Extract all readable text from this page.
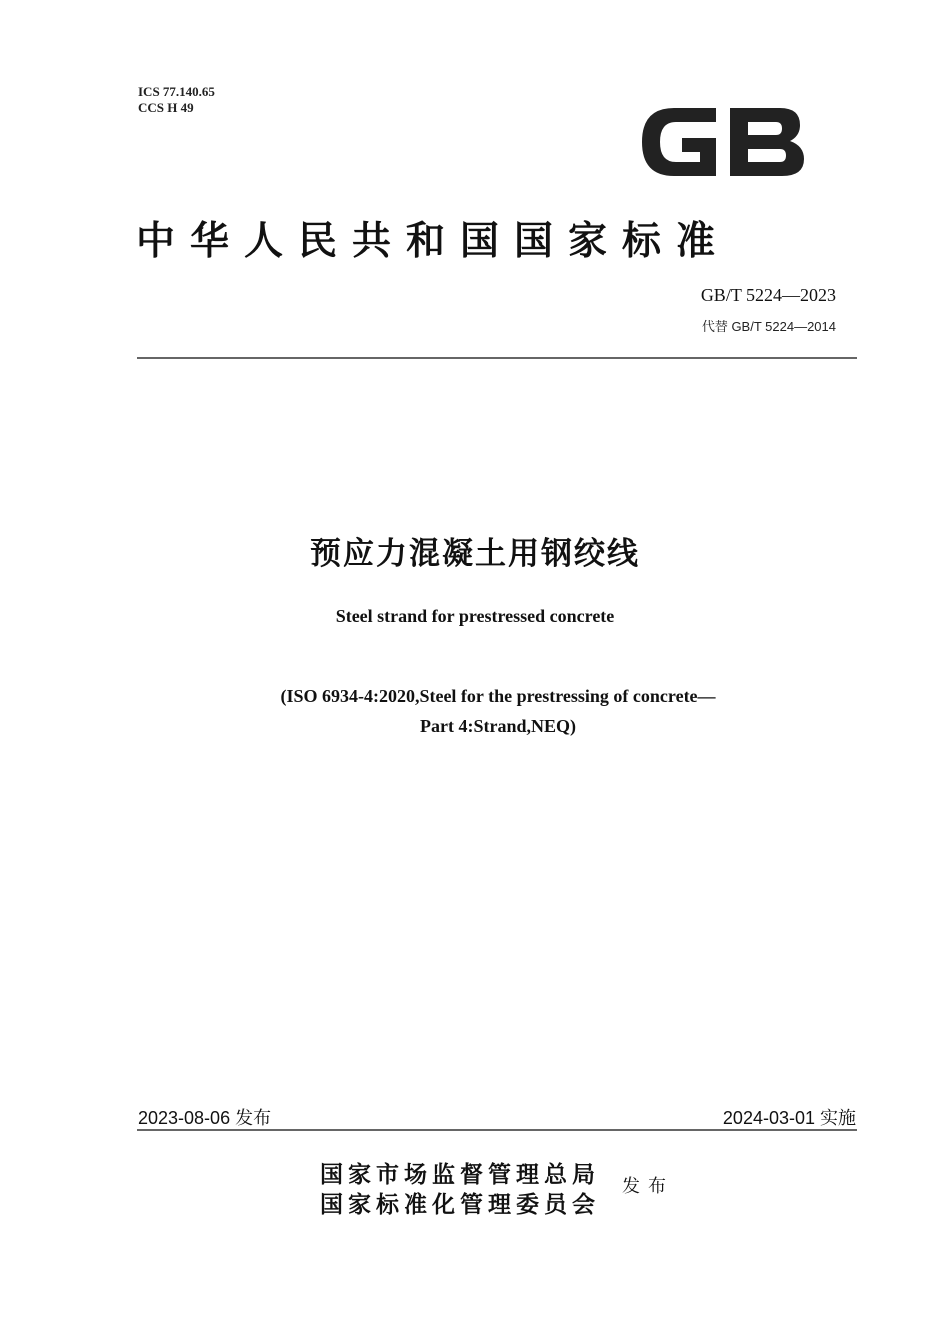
ICS 77.140.65
CCS H 49
中华人民共和国国家标准
GB/T 5224—2023
代替 GB/T 5224—2014
预应力混凝土用钢绞线
Steel strand for prestressed concrete
(ISO 6934-4:2020,Steel for the prestressing of concrete—
Part 4:Strand,NEQ)
2023-08-06 发布	2024-03-01 实施
国家市场监督管理总局
国家标准化管理委员会
发布
